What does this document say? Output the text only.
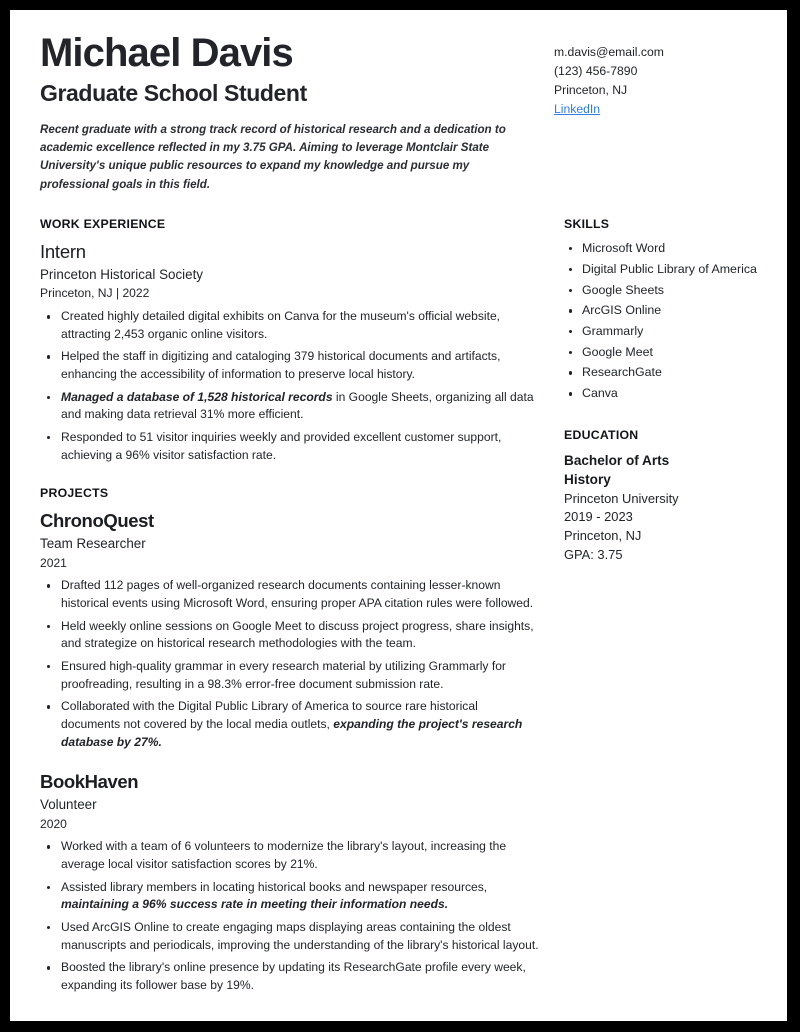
Michael Davis
Graduate School Student
Recent graduate with a strong track record of historical research and a dedication to academic excellence reflected in my 3.75 GPA. Aiming to leverage Montclair State University's unique public resources to expand my knowledge and pursue my professional goals in this field.
m.davis@email.com
(123) 456-7890
Princeton, NJ
LinkedIn
WORK EXPERIENCE
Intern
Princeton Historical Society
Princeton, NJ | 2022
Created highly detailed digital exhibits on Canva for the museum's official website, attracting 2,453 organic online visitors.
Helped the staff in digitizing and cataloging 379 historical documents and artifacts, enhancing the accessibility of information to preserve local history.
Managed a database of 1,528 historical records in Google Sheets, organizing all data and making data retrieval 31% more efficient.
Responded to 51 visitor inquiries weekly and provided excellent customer support, achieving a 96% visitor satisfaction rate.
PROJECTS
ChronoQuest
Team Researcher
2021
Drafted 112 pages of well-organized research documents containing lesser-known historical events using Microsoft Word, ensuring proper APA citation rules were followed.
Held weekly online sessions on Google Meet to discuss project progress, share insights, and strategize on historical research methodologies with the team.
Ensured high-quality grammar in every research material by utilizing Grammarly for proofreading, resulting in a 98.3% error-free document submission rate.
Collaborated with the Digital Public Library of America to source rare historical documents not covered by the local media outlets, expanding the project's research database by 27%.
BookHaven
Volunteer
2020
Worked with a team of 6 volunteers to modernize the library's layout, increasing the average local visitor satisfaction scores by 21%.
Assisted library members in locating historical books and newspaper resources, maintaining a 96% success rate in meeting their information needs.
Used ArcGIS Online to create engaging maps displaying areas containing the oldest manuscripts and periodicals, improving the understanding of the library's historical layout.
Boosted the library's online presence by updating its ResearchGate profile every week, expanding its follower base by 19%.
SKILLS
Microsoft Word
Digital Public Library of America
Google Sheets
ArcGIS Online
Grammarly
Google Meet
ResearchGate
Canva
EDUCATION
Bachelor of Arts
History
Princeton University
2019 - 2023
Princeton, NJ
GPA: 3.75
